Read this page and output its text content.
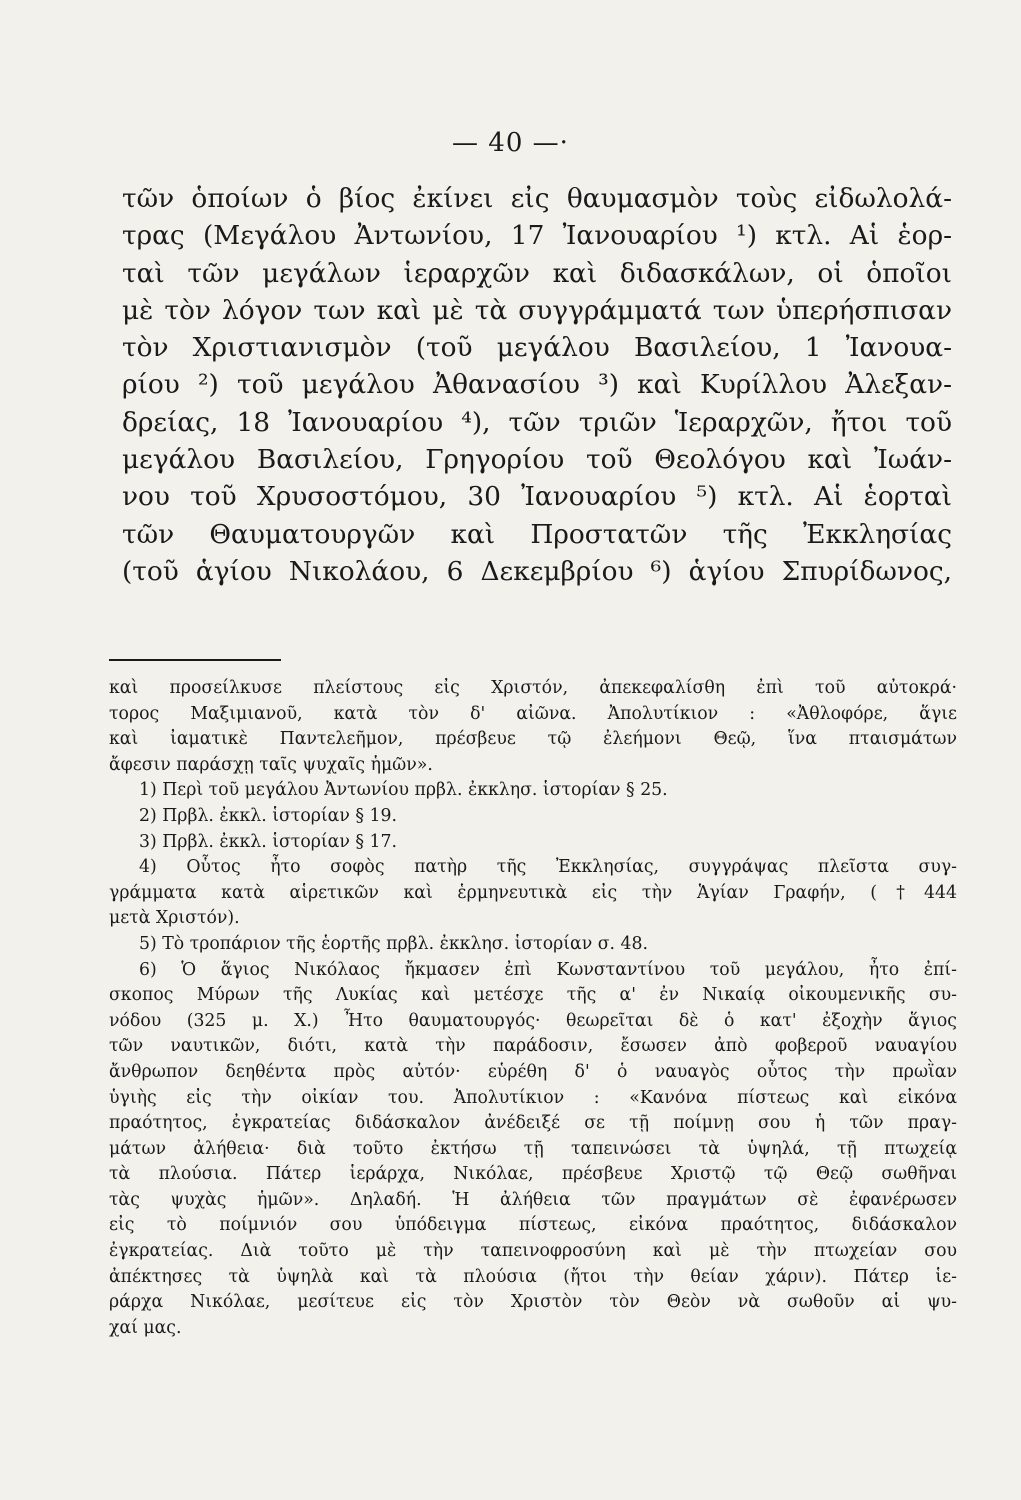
— 40 —·
τῶν ὁποίων ὁ βίος ἐκίνει εἰς θαυμασμὸν τοὺς εἰδωλολά-
τρας (Μεγάλου Ἀντωνίου, 17 Ἰανουαρίου ¹) κτλ. Αἱ ἑορ-
ταὶ τῶν μεγάλων ἱεραρχῶν καὶ διδασκάλων, οἱ ὁποῖοι
μὲ τὸν λόγον των καὶ μὲ τὰ συγγράμματά των ὑπερήσπισαν
τὸν Χριστιανισμὸν (τοῦ μεγάλου Βασιλείου, 1 Ἰανουα-
ρίου ²) τοῦ μεγάλου Ἀθανασίου ³) καὶ Κυρίλλου Ἀλεξαν-
δρείας, 18 Ἰανουαρίου ⁴), τῶν τριῶν Ἱεραρχῶν, ἤτοι τοῦ
μεγάλου Βασιλείου, Γρηγορίου τοῦ Θεολόγου καὶ Ἰωάν-
νου τοῦ Χρυσοστόμου, 30 Ἰανουαρίου ⁵) κτλ. Αἱ ἑορταὶ
τῶν Θαυματουργῶν καὶ Προστατῶν τῆς Ἐκκλησίας
(τοῦ ἁγίου Νικολάου, 6 Δεκεμβρίου ⁶) ἁγίου Σπυρίδωνος,
καὶ προσείλκυσε πλείστους εἰς Χριστόν, ἀπεκεφαλίσθη ἐπὶ τοῦ αὐτοκρά·
τορος Μαξιμιανοῦ, κατὰ τὸν δ' αἰῶνα. Ἀπολυτίκιον : «Ἀθλοφόρε, ἅγιε
καὶ ἰαματικὲ Παντελεῆμον, πρέσβευε τῷ ἐλεήμονι Θεῷ, ἵνα πταισμάτων
ἄφεσιν παράσχῃ ταῖς ψυχαῖς ἡμῶν».
1) Περὶ τοῦ μεγάλου Ἀντωνίου πρβλ. ἐκκλησ. ἱστορίαν § 25.
2) Πρβλ. ἐκκλ. ἱστορίαν § 19.
3) Πρβλ. ἐκκλ. ἱστορίαν § 17.
4) Οὗτος ἦτο σοφὸς πατὴρ τῆς Ἐκκλησίας, συγγράψας πλεῖστα συγ-
γράμματα κατὰ αἱρετικῶν καὶ ἑρμηνευτικὰ εἰς τὴν Ἁγίαν Γραφήν, (†444
μετὰ Χριστόν).
5) Τὸ τροπάριον τῆς ἑορτῆς πρβλ. ἐκκλησ. ἱστορίαν σ. 48.
6) Ὁ ἅγιος Νικόλαος ἤκμασεν ἐπὶ Κωνσταντίνου τοῦ μεγάλου, ἦτο ἐπί-
σκοπος Μύρων τῆς Λυκίας καὶ μετέσχε τῆς α' ἐν Νικαίᾳ οἰκουμενικῆς συ-
νόδου (325 μ. Χ.) Ἦτο θαυματουργός· θεωρεῖται δὲ ὁ κατ' ἐξοχὴν ἅγιος
τῶν ναυτικῶν, διότι, κατὰ τὴν παράδοσιν, ἔσωσεν ἀπὸ φοβεροῦ ναυαγίου
ἄνθρωπον δεηθέντα πρὸς αὐτόν· εὑρέθη δ' ὁ ναυαγὸς οὗτος τὴν πρωῒαν
ὑγιὴς εἰς τὴν οἰκίαν του. Ἀπολυτίκιον : «Κανόνα πίστεως καὶ εἰκόνα
πραότητος, ἐγκρατείας διδάσκαλον ἀνέδειξέ σε τῇ ποίμνῃ σου ἡ τῶν πραγ-
μάτων ἀλήθεια· διὰ τοῦτο ἐκτήσω τῇ ταπεινώσει τὰ ὑψηλά, τῇ πτωχείᾳ
τὰ πλούσια. Πάτερ ἱεράρχα, Νικόλαε, πρέσβευε Χριστῷ τῷ Θεῷ σωθῆναι
τὰς ψυχὰς ἡμῶν». Δηλαδή. Ἡ ἀλήθεια τῶν πραγμάτων σὲ ἐφανέρωσεν
εἰς τὸ ποίμνιόν σου ὑπόδειγμα πίστεως, εἰκόνα πραότητος, διδάσκαλον
ἐγκρατείας. Διὰ τοῦτο μὲ τὴν ταπεινοφροσύνη καὶ μὲ τὴν πτωχείαν σου
ἀπέκτησες τὰ ὑψηλὰ καὶ τὰ πλούσια (ἤτοι τὴν θείαν χάριν). Πάτερ ἱε-
ράρχα Νικόλαε, μεσίτευε εἰς τὸν Χριστὸν τὸν Θεὸν νὰ σωθοῦν αἱ ψυ-
χαί μας.
